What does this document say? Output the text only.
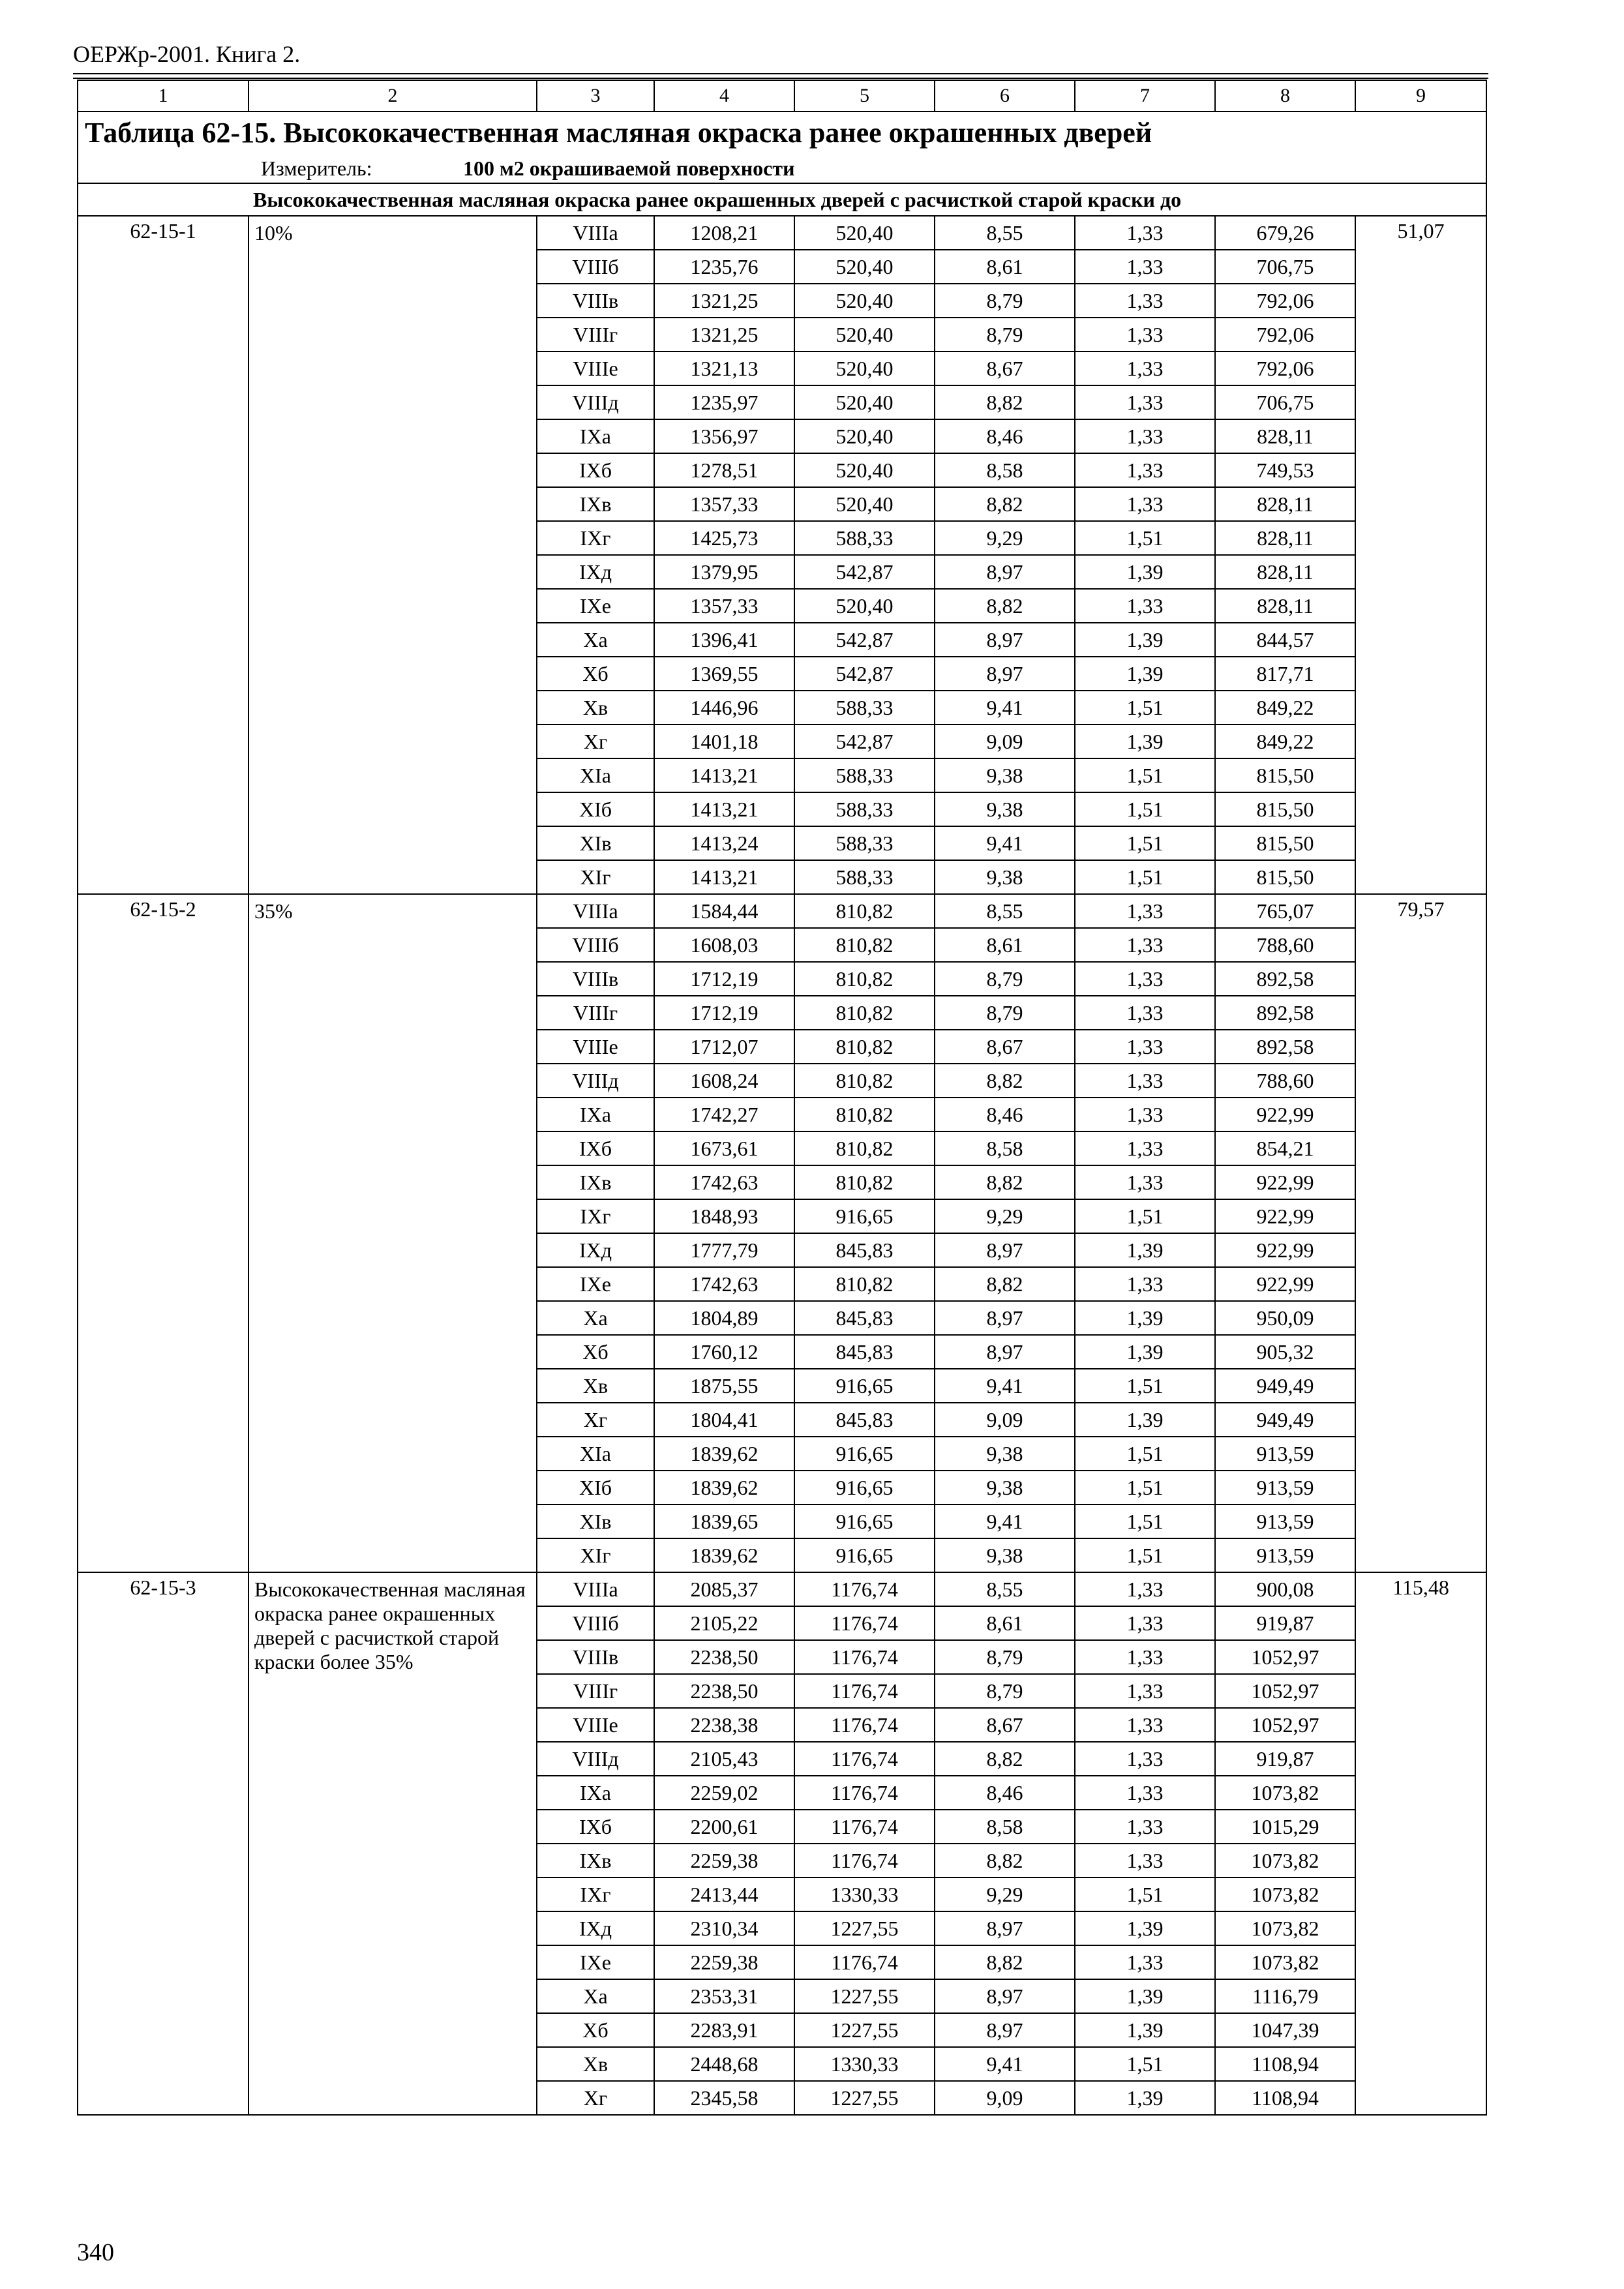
ОЕРЖр-2001. Книга 2.
1	2	3	4	5	6	7	8	9
Таблица 62-15. Высококачественная масляная окраска ранее окрашенных дверей								
Измеритель: 100 м2 окрашиваемой поверхности								
Высококачественная масляная окраска ранее окрашенных дверей с расчисткой старой краски до								
62-15-1	10%	VIIIа	1208,21	520,40	8,55	1,33	679,26	51,07
		VIIIб	1235,76	520,40	8,61	1,33	706,75	
		VIIIв	1321,25	520,40	8,79	1,33	792,06	
		VIIIг	1321,25	520,40	8,79	1,33	792,06	
		VIIIе	1321,13	520,40	8,67	1,33	792,06	
		VIIIд	1235,97	520,40	8,82	1,33	706,75	
		IXа	1356,97	520,40	8,46	1,33	828,11	
		IXб	1278,51	520,40	8,58	1,33	749,53	
		IXв	1357,33	520,40	8,82	1,33	828,11	
		IXг	1425,73	588,33	9,29	1,51	828,11	
		IXд	1379,95	542,87	8,97	1,39	828,11	
		IXе	1357,33	520,40	8,82	1,33	828,11	
		Xа	1396,41	542,87	8,97	1,39	844,57	
		Xб	1369,55	542,87	8,97	1,39	817,71	
		Xв	1446,96	588,33	9,41	1,51	849,22	
		Xг	1401,18	542,87	9,09	1,39	849,22	
		XIа	1413,21	588,33	9,38	1,51	815,50	
		XIб	1413,21	588,33	9,38	1,51	815,50	
		XIв	1413,24	588,33	9,41	1,51	815,50	
		XIг	1413,21	588,33	9,38	1,51	815,50	
62-15-2	35%	VIIIа	1584,44	810,82	8,55	1,33	765,07	79,57
		VIIIб	1608,03	810,82	8,61	1,33	788,60	
		VIIIв	1712,19	810,82	8,79	1,33	892,58	
		VIIIг	1712,19	810,82	8,79	1,33	892,58	
		VIIIе	1712,07	810,82	8,67	1,33	892,58	
		VIIIд	1608,24	810,82	8,82	1,33	788,60	
		IXа	1742,27	810,82	8,46	1,33	922,99	
		IXб	1673,61	810,82	8,58	1,33	854,21	
		IXв	1742,63	810,82	8,82	1,33	922,99	
		IXг	1848,93	916,65	9,29	1,51	922,99	
		IXд	1777,79	845,83	8,97	1,39	922,99	
		IXе	1742,63	810,82	8,82	1,33	922,99	
		Xа	1804,89	845,83	8,97	1,39	950,09	
		Xб	1760,12	845,83	8,97	1,39	905,32	
		Xв	1875,55	916,65	9,41	1,51	949,49	
		Xг	1804,41	845,83	9,09	1,39	949,49	
		XIа	1839,62	916,65	9,38	1,51	913,59	
		XIб	1839,62	916,65	9,38	1,51	913,59	
		XIв	1839,65	916,65	9,41	1,51	913,59	
		XIг	1839,62	916,65	9,38	1,51	913,59	
62-15-3	Высококачественная масляная окраска ранее окрашенных дверей с расчисткой старой краски более 35%	VIIIа	2085,37	1176,74	8,55	1,33	900,08	115,48
		VIIIб	2105,22	1176,74	8,61	1,33	919,87	
		VIIIв	2238,50	1176,74	8,79	1,33	1052,97	
		VIIIг	2238,50	1176,74	8,79	1,33	1052,97	
		VIIIе	2238,38	1176,74	8,67	1,33	1052,97	
		VIIIд	2105,43	1176,74	8,82	1,33	919,87	
		IXа	2259,02	1176,74	8,46	1,33	1073,82	
		IXб	2200,61	1176,74	8,58	1,33	1015,29	
		IXв	2259,38	1176,74	8,82	1,33	1073,82	
		IXг	2413,44	1330,33	9,29	1,51	1073,82	
		IXд	2310,34	1227,55	8,97	1,39	1073,82	
		IXе	2259,38	1176,74	8,82	1,33	1073,82	
		Xа	2353,31	1227,55	8,97	1,39	1116,79	
		Xб	2283,91	1227,55	8,97	1,39	1047,39	
		Xв	2448,68	1330,33	9,41	1,51	1108,94	
		Xг	2345,58	1227,55	9,09	1,39	1108,94	
340
